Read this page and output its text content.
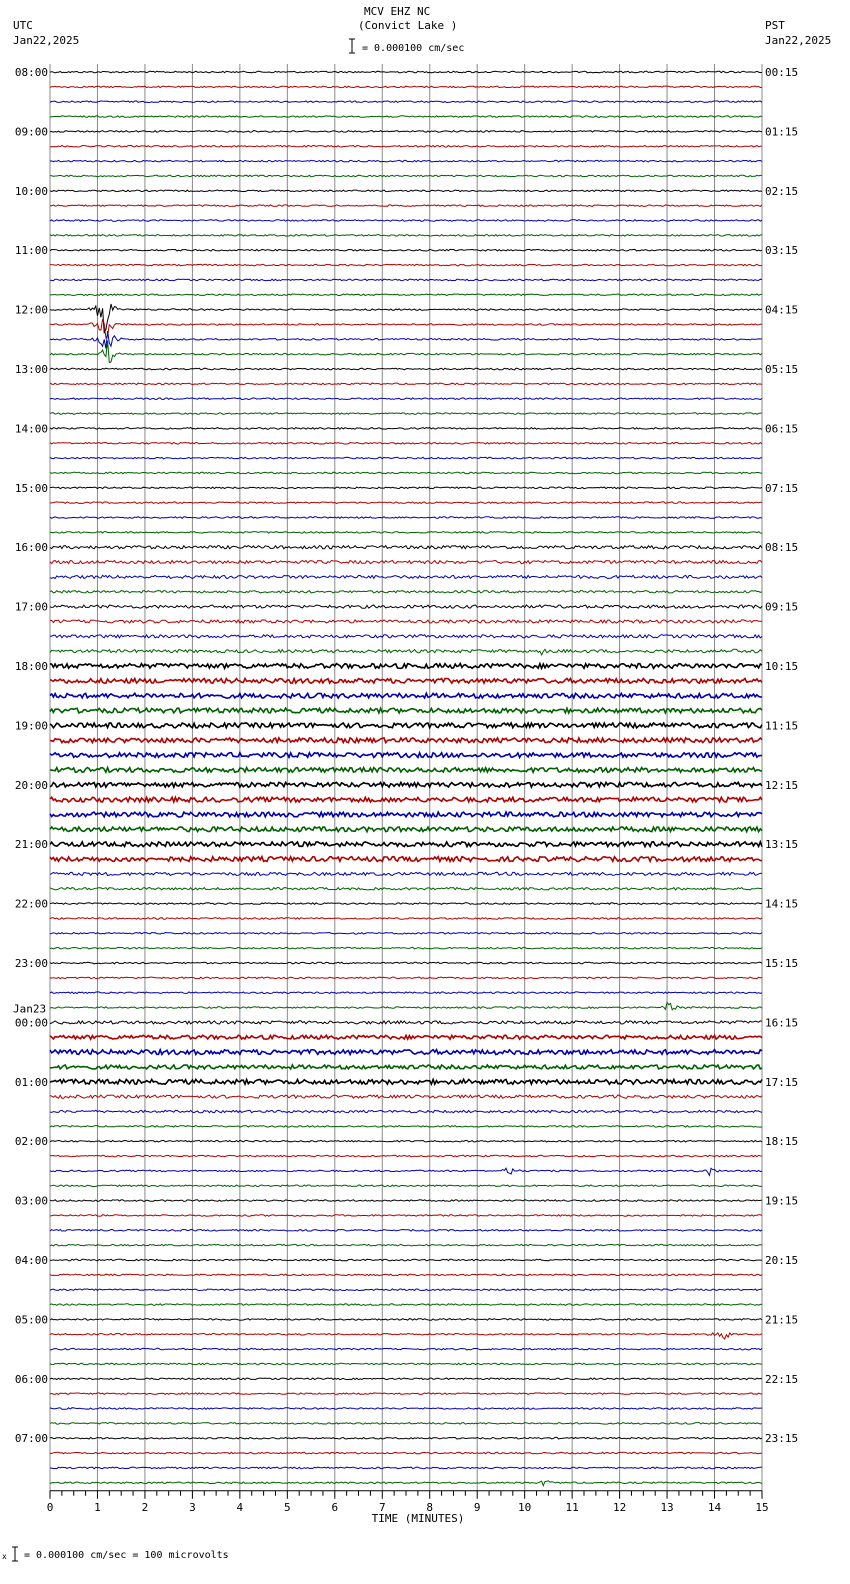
MCV EHZ NC
(Convict Lake )
= 0.000100 cm/sec
UTC
Jan22,2025
PST
Jan22,2025
08:00	00:15
09:00	01:15
10:00	02:15
11:00	03:15
12:00	04:15
13:00	05:15
14:00	06:15
15:00	07:15
16:00	08:15
17:00	09:15
18:00	10:15
19:00	11:15
20:00	12:15
21:00	13:15
22:00	14:15
23:00	15:15
00:00	16:15
01:00	17:15
02:00	18:15
03:00	19:15
04:00	20:15
05:00	21:15
06:00	22:15
07:00	23:15
Jan23
0	1	2	3	4	5	6	7	8	9	10	11	12	13	14	15
TIME (MINUTES)
x = 0.000100 cm/sec = 100 microvolts
